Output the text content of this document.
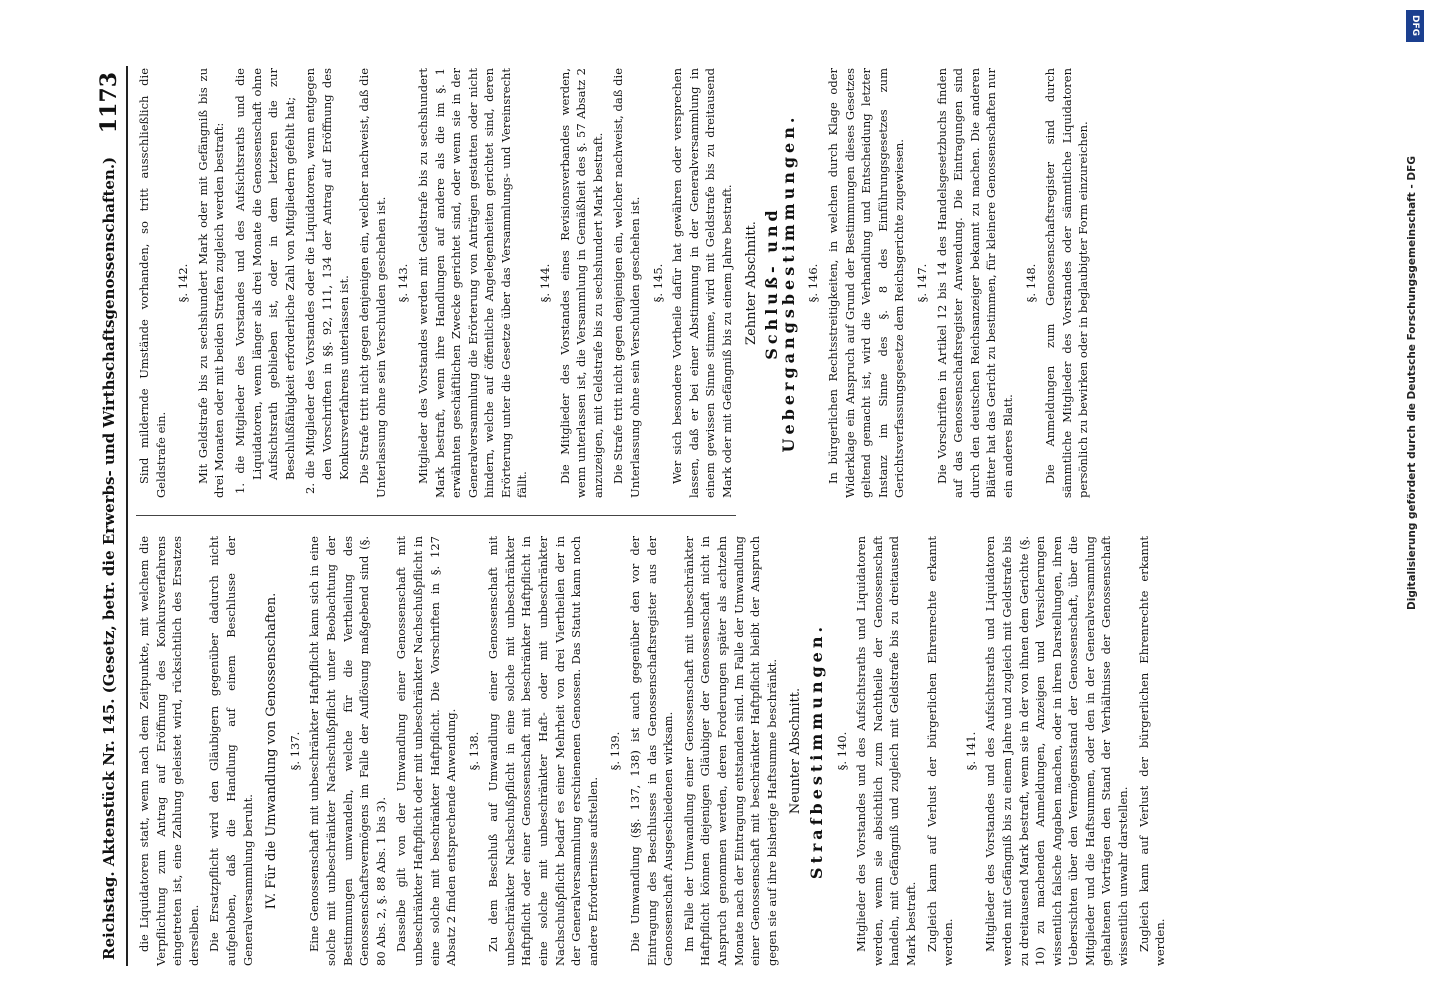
Reichstag. Aktenstück Nr. 145. (Gesetz, betr. die Erwerbs- und Wirthschaftsgenossenschaften.)
1173

die Liquidatoren statt, wenn nach dem Zeitpunkte, mit welchem die Verpflichtung zum Antrag auf Eröffnung des Konkursverfahrens eingetreten ist, eine Zahlung geleistet wird, rücksichtlich des Ersatzes derselben. Die Ersatzpflicht wird den Gläubigern gegenüber dadurch nicht aufgehoben, daß die Handlung auf einem Beschlusse der Generalversammlung beruht. IV. Für die Umwandlung von Genossenschaften. §. 137. Eine Genossenschaft mit unbeschränkter Haftpflicht kann sich in eine solche mit unbeschränkter Nachschußpflicht unter Beobachtung der Bestimmungen umwandeln, welche für die Vertheilung des Genossenschaftsvermögens im Falle der Auflösung maßgebend sind (§. 80 Abs. 2, §. 88 Abs. 1 bis 3). Dasselbe gilt von der Umwandlung einer Genossenschaft mit unbeschränkter Haftpflicht oder mit unbeschränkter Nachschußpflicht in eine solche mit beschränkter Haftpflicht. Die Vorschriften in §. 127 Absatz 2 finden entsprechende Anwendung. §. 138. Zu dem Beschluß auf Umwandlung einer Genossenschaft mit unbeschränkter Nachschußpflicht in eine solche mit unbeschränkter Haftpflicht oder einer Genossenschaft mit beschränkter Haftpflicht in eine solche mit unbeschränkter Haft- oder mit unbeschränkter Nachschußpflicht bedarf es einer Mehrheit von drei Viertheilen der in der Generalversammlung erschienenen Genossen. Das Statut kann noch andere Erfordernisse aufstellen.

§. 139. Die Umwandlung (§§. 137, 138) ist auch gegenüber den vor der Eintragung des Beschlusses in das Genossenschaftsregister aus der Genossenschaft Ausgeschiedenen wirksam. Im Falle der Umwandlung einer Genossenschaft mit unbeschränkter Haftpflicht können diejenigen Gläubiger der Genossenschaft nicht in Anspruch genommen werden, deren Forderungen später als achtzehn Monate nach der Eintragung entstanden sind. Im Falle der Umwandlung einer Genossenschaft mit beschränkter Haftpflicht bleibt der Anspruch gegen sie auf ihre bisherige Haftsumme beschränkt. Neunter Abschnitt. Strafbestimmungen. §. 140. Mitglieder des Vorstandes und des Aufsichtsraths und Liquidatoren werden, wenn sie absichtlich zum Nachtheile der Genossenschaft handeln, mit Gefängniß und zugleich mit Geldstrafe bis zu dreitausend Mark bestraft. Zugleich kann auf Verlust der bürgerlichen Ehrenrechte erkannt werden.

§. 141. Mitglieder des Vorstandes und des Aufsichtsraths und Liquidatoren werden mit Gefängniß bis zu einem Jahre und zugleich mit Geldstrafe bis zu dreitausend Mark bestraft, wenn sie in der von ihnen dem Gerichte (§. 10) zu machenden Anmeldungen, Anzeigen und Versicherungen wissentlich falsche Angaben machen, oder in ihren Darstellungen, ihren Uebersichten über den Vermögensstand der Genossenschaft, über die Mitglieder und die Haftsummen, oder den in der Generalversammlung gehaltenen Vorträgen den Stand der Verhältnisse der Genossenschaft wissentlich unwahr darstellen. Zugleich kann auf Verlust der bürgerlichen Ehrenrechte erkannt werden.

Sind mildernde Umstände vorhanden, so tritt ausschließlich die Geldstrafe ein.

§. 142. Mit Geldstrafe bis zu sechshundert Mark oder mit Gefängniß bis zu drei Monaten oder mit beiden Strafen zugleich werden bestraft: 1. die Mitglieder des Vorstandes und des Aufsichtsraths und die Liquidatoren, wenn länger als drei Monate die Genossenschaft ohne Aufsichtsrath geblieben ist, oder in dem letzteren die zur Beschlußfähigkeit erforderliche Zahl von Mitgliedern gefehlt hat; 2. die Mitglieder des Vorstandes oder die Liquidatoren, wenn entgegen den Vorschriften in §§. 92, 111, 134 der Antrag auf Eröffnung des Konkursverfahrens unterlassen ist. Die Strafe tritt nicht gegen denjenigen ein, welcher nachweist, daß die Unterlassung ohne sein Verschulden geschehen ist. §. 143. Mitglieder des Vorstandes werden mit Geldstrafe bis zu sechshundert Mark bestraft, wenn ihre Handlungen auf andere als die im §. 1 erwähnten geschäftlichen Zwecke gerichtet sind, oder wenn sie in der Generalversammlung die Erörterung von Anträgen gestatten oder nicht hindern, welche auf öffentliche Angelegenheiten gerichtet sind, deren Erörterung unter die Gesetze über das Versammlungs- und Vereinsrecht fällt.

§. 144. Die Mitglieder des Vorstandes eines Revisionsverbandes werden, wenn unterlassen ist, die Versammlung in Gemäßheit des §. 57 Absatz 2 anzuzeigen, mit Geldstrafe bis zu sechshundert Mark bestraft. Die Strafe tritt nicht gegen denjenigen ein, welcher nachweist, daß die Unterlassung ohne sein Verschulden geschehen ist. §. 145. Wer sich besondere Vortheile dafür hat gewähren oder versprechen lassen, daß er bei einer Abstimmung in der Generalversammlung in einem gewissen Sinne stimme, wird mit Geldstrafe bis zu dreitausend Mark oder mit Gefängniß bis zu einem Jahre bestraft. Zehnter Abschnitt. Schluß- und Uebergangsbestimmungen. §. 146. In bürgerlichen Rechtsstreitigkeiten, in welchen durch Klage oder Widerklage ein Anspruch auf Grund der Bestimmungen dieses Gesetzes geltend gemacht ist, wird die Verhandlung und Entscheidung letzter Instanz im Sinne des §. 8 des Einführungsgesetzes zum Gerichtsverfassungsgesetze dem Reichsgerichte zugewiesen. §. 147. Die Vorschriften in Artikel 12 bis 14 des Handelsgesetzbuchs finden auf das Genossenschaftsregister Anwendung. Die Eintragungen sind durch den deutschen Reichsanzeiger bekannt zu machen. Die anderen Blätter hat das Gericht zu bestimmen, für kleinere Genossenschaften nur ein anderes Blatt.

§. 148. Die Anmeldungen zum Genossenschaftsregister sind durch sämmtliche Mitglieder des Vorstandes oder sämmtliche Liquidatoren persönlich zu bewirken oder in beglaubigter Form einzureichen.

DFG
Digitalisierung gefördert durch die Deutsche Forschungsgemeinschaft - DFG
